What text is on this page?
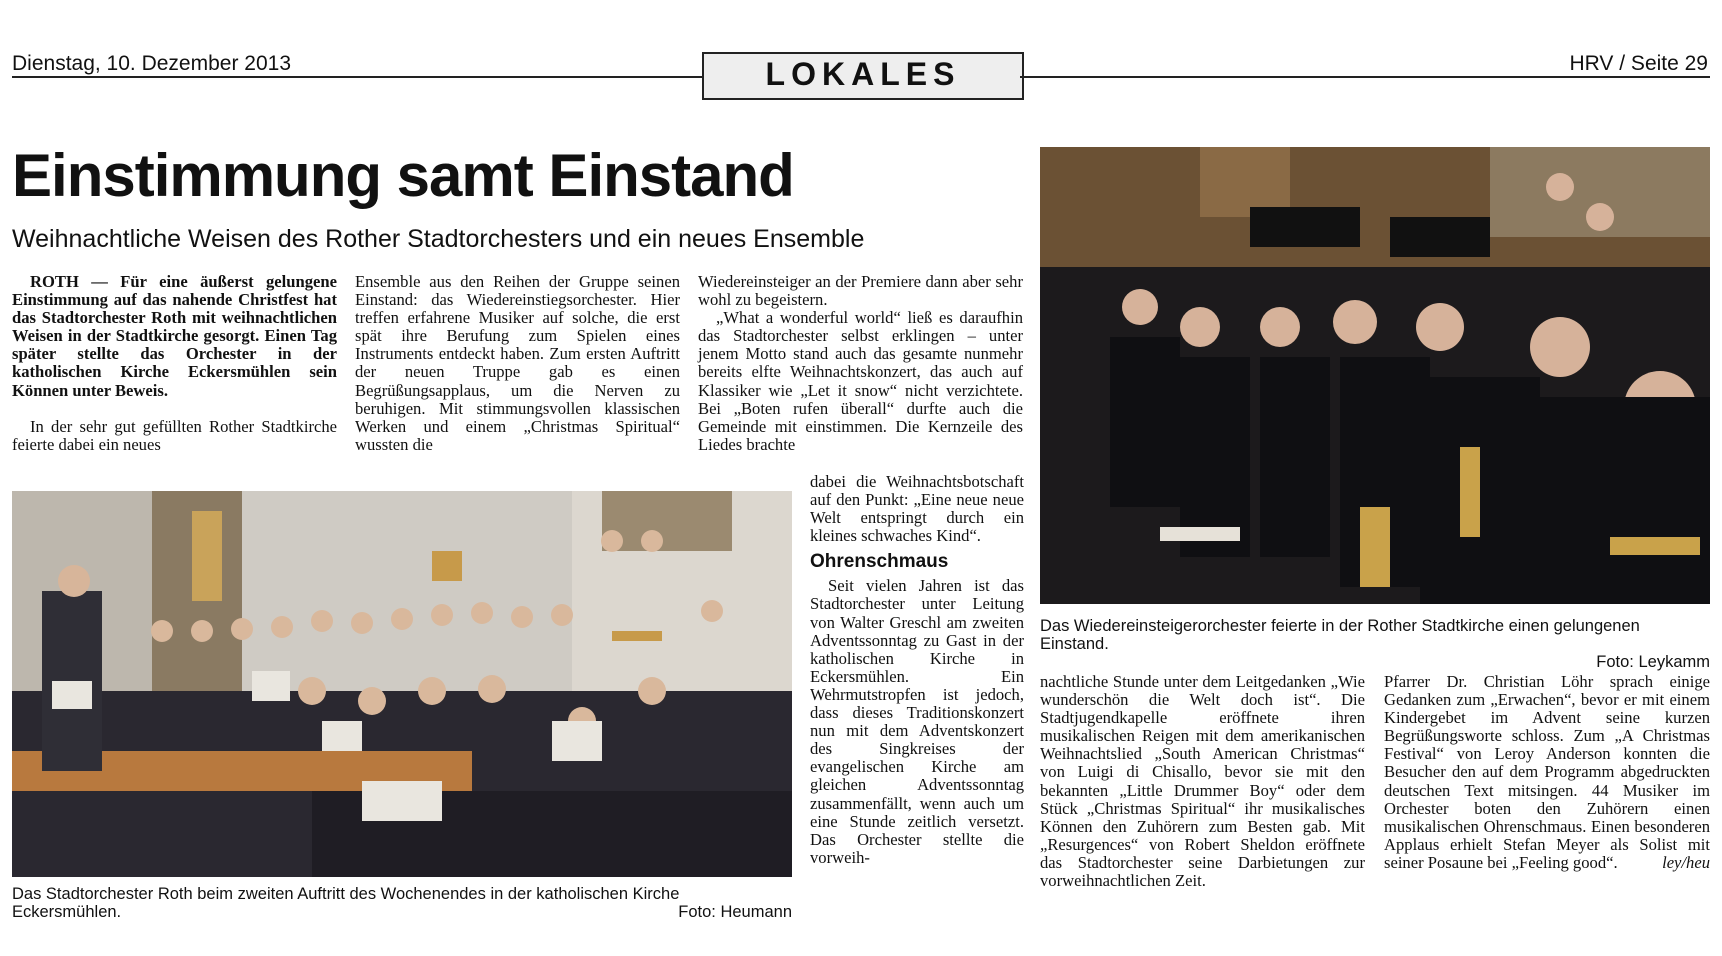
Dienstag, 10. Dezember 2013	LOKALES	HRV / Seite 29
Einstimmung samt Einstand
Weihnachtliche Weisen des Rother Stadtorchesters und ein neues Ensemble

ROTH — Für eine äußerst gelungene Einstimmung auf das nahende Christfest hat das Stadtorchester Roth mit weihnachtlichen Weisen in der Stadtkirche gesorgt. Einen Tag später stellte das Orchester in der katholischen Kirche Eckersmühlen sein Können unter Beweis.

In der sehr gut gefüllten Rother Stadtkirche feierte dabei ein neues

Ensemble aus den Reihen der Gruppe seinen Einstand: das Wiedereinstiegsorchester. Hier treffen erfahrene Musiker auf solche, die erst spät ihre Berufung zum Spielen eines Instruments entdeckt haben. Zum ersten Auftritt der neuen Truppe gab es einen Begrüßungsapplaus, um die Nerven zu beruhigen. Mit stimmungsvollen klassischen Werken und einem „Christmas Spiritual“ wussten die

Wiedereinsteiger an der Premiere dann aber sehr wohl zu begeistern.

„What a wonderful world“ ließ es daraufhin das Stadtorchester selbst erklingen – unter jenem Motto stand auch das gesamte nunmehr bereits elfte Weihnachtskonzert, das auch auf Klassiker wie „Let it snow“ nicht verzichtete. Bei „Boten rufen überall“ durfte auch die Gemeinde mit einstimmen. Die Kernzeile des Liedes brachte

dabei die Weihnachtsbotschaft auf den Punkt: „Eine neue neue Welt entspringt durch ein kleines schwaches Kind“.

Ohrenschmaus

Seit vielen Jahren ist das Stadtorchester unter Leitung von Walter Greschl am zweiten Adventssonntag zu Gast in der katholischen Kirche in Eckersmühlen. Ein Wehrmutstropfen ist jedoch, dass dieses Traditionskonzert nun mit dem Adventskonzert des Singkreises der evangelischen Kirche am gleichen Adventssonntag zusammenfällt, wenn auch um eine Stunde zeitlich versetzt. Das Orchester stellte die vorweih-

nachtliche Stunde unter dem Leitgedanken „Wie wunderschön die Welt doch ist“. Die Stadtjugendkapelle eröffnete ihren musikalischen Reigen mit dem amerikanischen Weihnachtslied „South American Christmas“ von Luigi di Chisallo, bevor sie mit den bekannten „Little Drummer Boy“ oder dem Stück „Christmas Spiritual“ ihr musikalisches Können den Zuhörern zum Besten gab. Mit „Resurgences“ von Robert Sheldon eröffnete das Stadtorchester seine Darbietungen zur vorweihnachtlichen Zeit.

Pfarrer Dr. Christian Löhr sprach einige Gedanken zum „Erwachen“, bevor er mit einem Kindergebet im Advent seine kurzen Begrüßungsworte schloss. Zum „A Christmas Festival“ von Leroy Anderson konnten die Besucher den auf dem Programm abgedruckten deutschen Text mitsingen. 44 Musiker im Orchester boten den Zuhörern einen musikalischen Ohrenschmaus. Einen besonderen Applaus erhielt Stefan Meyer als Solist mit seiner Posaune bei „Feeling good“.	ley/heu

Das Stadtorchester Roth beim zweiten Auftritt des Wochenendes in der katholischen Kirche Eckersmühlen.	Foto: Heumann
Das Wiedereinsteigerorchester feierte in der Rother Stadtkirche einen gelungenen Einstand.
Foto: Leykamm
